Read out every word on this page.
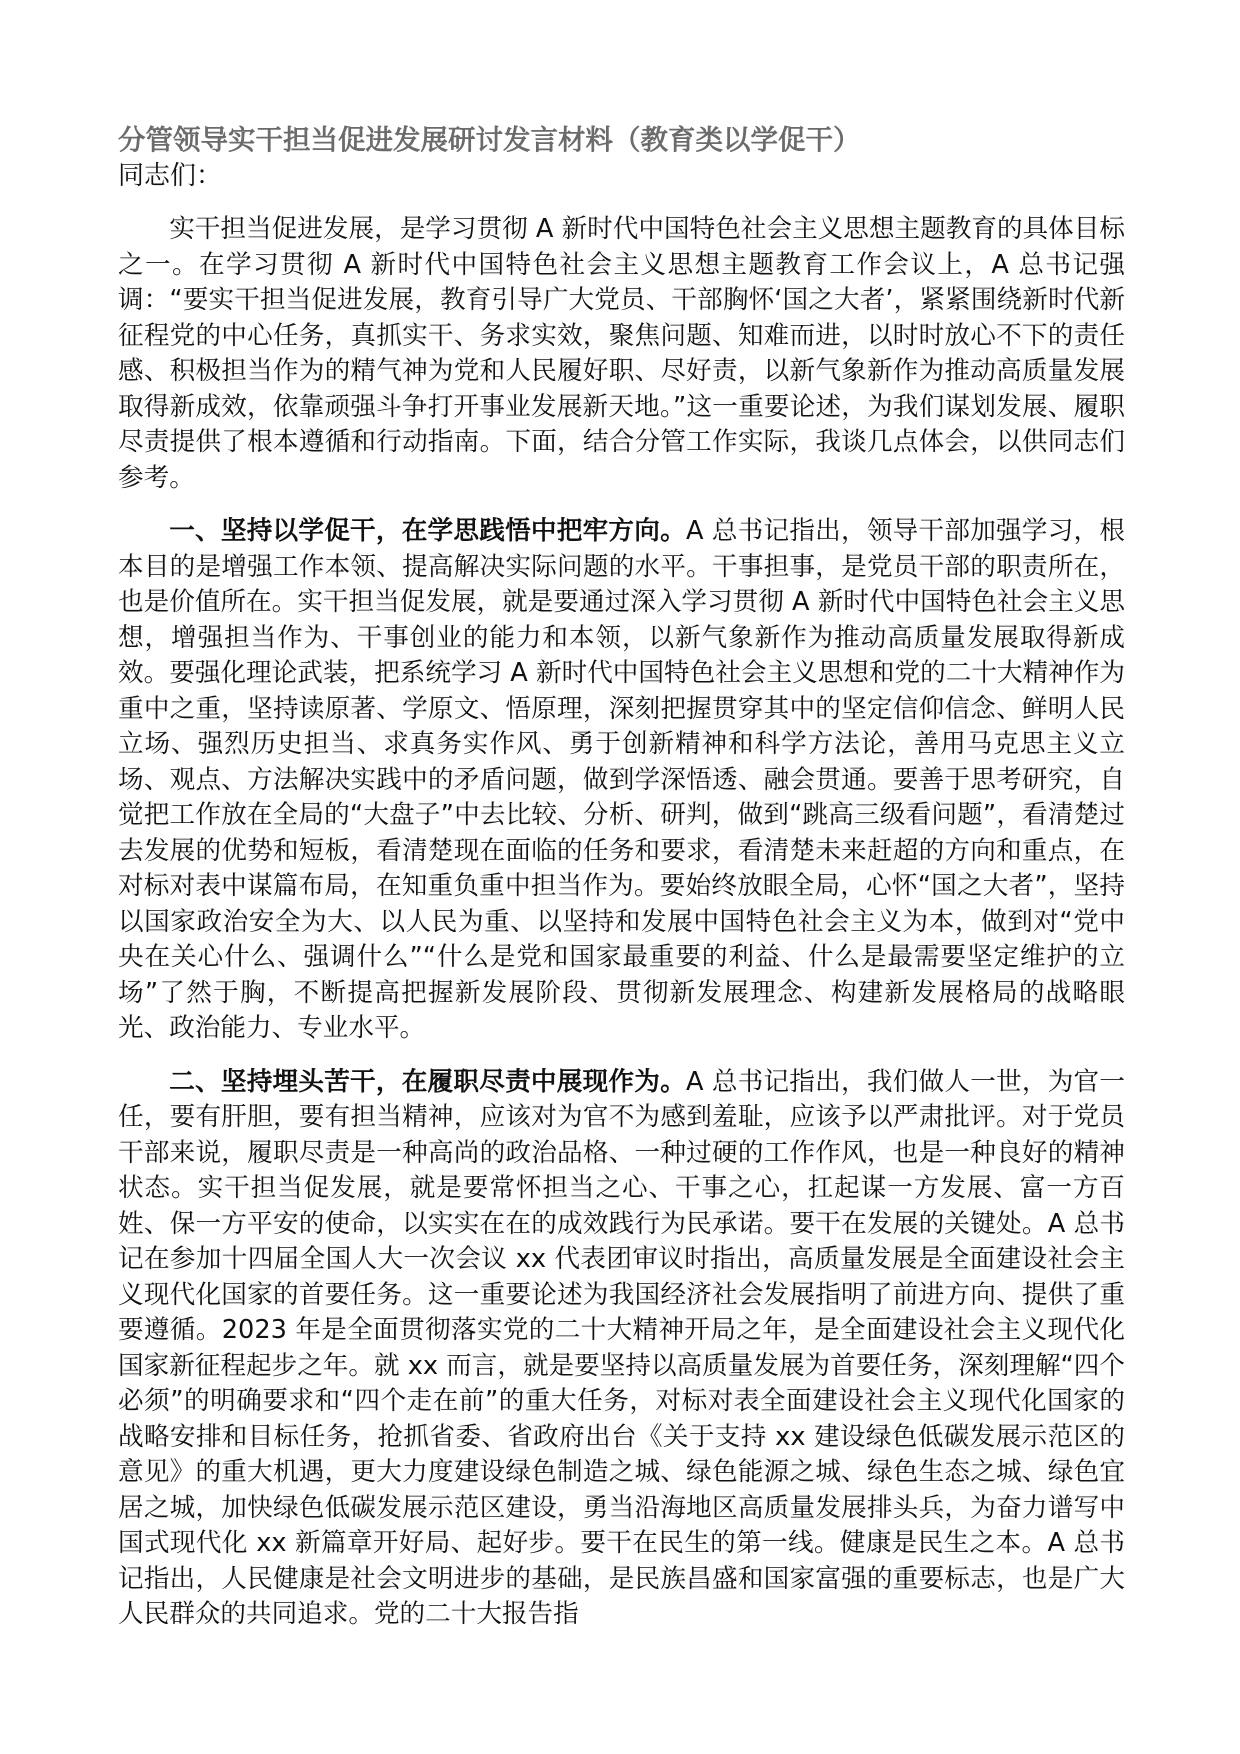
分管领导实干担当促进发展研讨发言材料（教育类以学促干）

同志们：

实干担当促进发展，是学习贯彻 A 新时代中国特色社会主义思想主题教育的具体目标之一。在学习贯彻 A 新时代中国特色社会主义思想主题教育工作会议上，A 总书记强调：“要实干担当促进发展，教育引导广大党员、干部胸怀‘国之大者’，紧紧围绕新时代新征程党的中心任务，真抓实干、务求实效，聚焦问题、知难而进，以时时放心不下的责任感、积极担当作为的精气神为党和人民履好职、尽好责，以新气象新作为推动高质量发展取得新成效，依靠顽强斗争打开事业发展新天地。”这一重要论述，为我们谋划发展、履职尽责提供了根本遵循和行动指南。下面，结合分管工作实际，我谈几点体会，以供同志们参考。

一、坚持以学促干，在学思践悟中把牢方向。A 总书记指出，领导干部加强学习，根本目的是增强工作本领、提高解决实际问题的水平。干事担事，是党员干部的职责所在，也是价值所在。实干担当促发展，就是要通过深入学习贯彻 A 新时代中国特色社会主义思想，增强担当作为、干事创业的能力和本领，以新气象新作为推动高质量发展取得新成效。要强化理论武装，把系统学习 A 新时代中国特色社会主义思想和党的二十大精神作为重中之重，坚持读原著、学原文、悟原理，深刻把握贯穿其中的坚定信仰信念、鲜明人民立场、强烈历史担当、求真务实作风、勇于创新精神和科学方法论，善用马克思主义立场、观点、方法解决实践中的矛盾问题，做到学深悟透、融会贯通。要善于思考研究，自觉把工作放在全局的“大盘子”中去比较、分析、研判，做到“跳高三级看问题”，看清楚过去发展的优势和短板，看清楚现在面临的任务和要求，看清楚未来赶超的方向和重点，在对标对表中谋篇布局，在知重负重中担当作为。要始终放眼全局，心怀“国之大者”，坚持以国家政治安全为大、以人民为重、以坚持和发展中国特色社会主义为本，做到对“党中央在关心什么、强调什么”“什么是党和国家最重要的利益、什么是最需要坚定维护的立场”了然于胸，不断提高把握新发展阶段、贯彻新发展理念、构建新发展格局的战略眼光、政治能力、专业水平。

二、坚持埋头苦干，在履职尽责中展现作为。A 总书记指出，我们做人一世，为官一任，要有肝胆，要有担当精神，应该对为官不为感到羞耻，应该予以严肃批评。对于党员干部来说，履职尽责是一种高尚的政治品格、一种过硬的工作作风，也是一种良好的精神状态。实干担当促发展，就是要常怀担当之心、干事之心，扛起谋一方发展、富一方百姓、保一方平安的使命，以实实在在的成效践行为民承诺。要干在发展的关键处。A 总书记在参加十四届全国人大一次会议 xx 代表团审议时指出，高质量发展是全面建设社会主义现代化国家的首要任务。这一重要论述为我国经济社会发展指明了前进方向、提供了重要遵循。2023 年是全面贯彻落实党的二十大精神开局之年，是全面建设社会主义现代化国家新征程起步之年。就 xx 而言，就是要坚持以高质量发展为首要任务，深刻理解“四个必须”的明确要求和“四个走在前”的重大任务，对标对表全面建设社会主义现代化国家的战略安排和目标任务，抢抓省委、省政府出台《关于支持 xx 建设绿色低碳发展示范区的意见》的重大机遇，更大力度建设绿色制造之城、绿色能源之城、绿色生态之城、绿色宜居之城，加快绿色低碳发展示范区建设，勇当沿海地区高质量发展排头兵，为奋力谱写中国式现代化 xx 新篇章开好局、起好步。要干在民生的第一线。健康是民生之本。A 总书记指出，人民健康是社会文明进步的基础，是民族昌盛和国家富强的重要标志，也是广大人民群众的共同追求。党的二十大报告指
